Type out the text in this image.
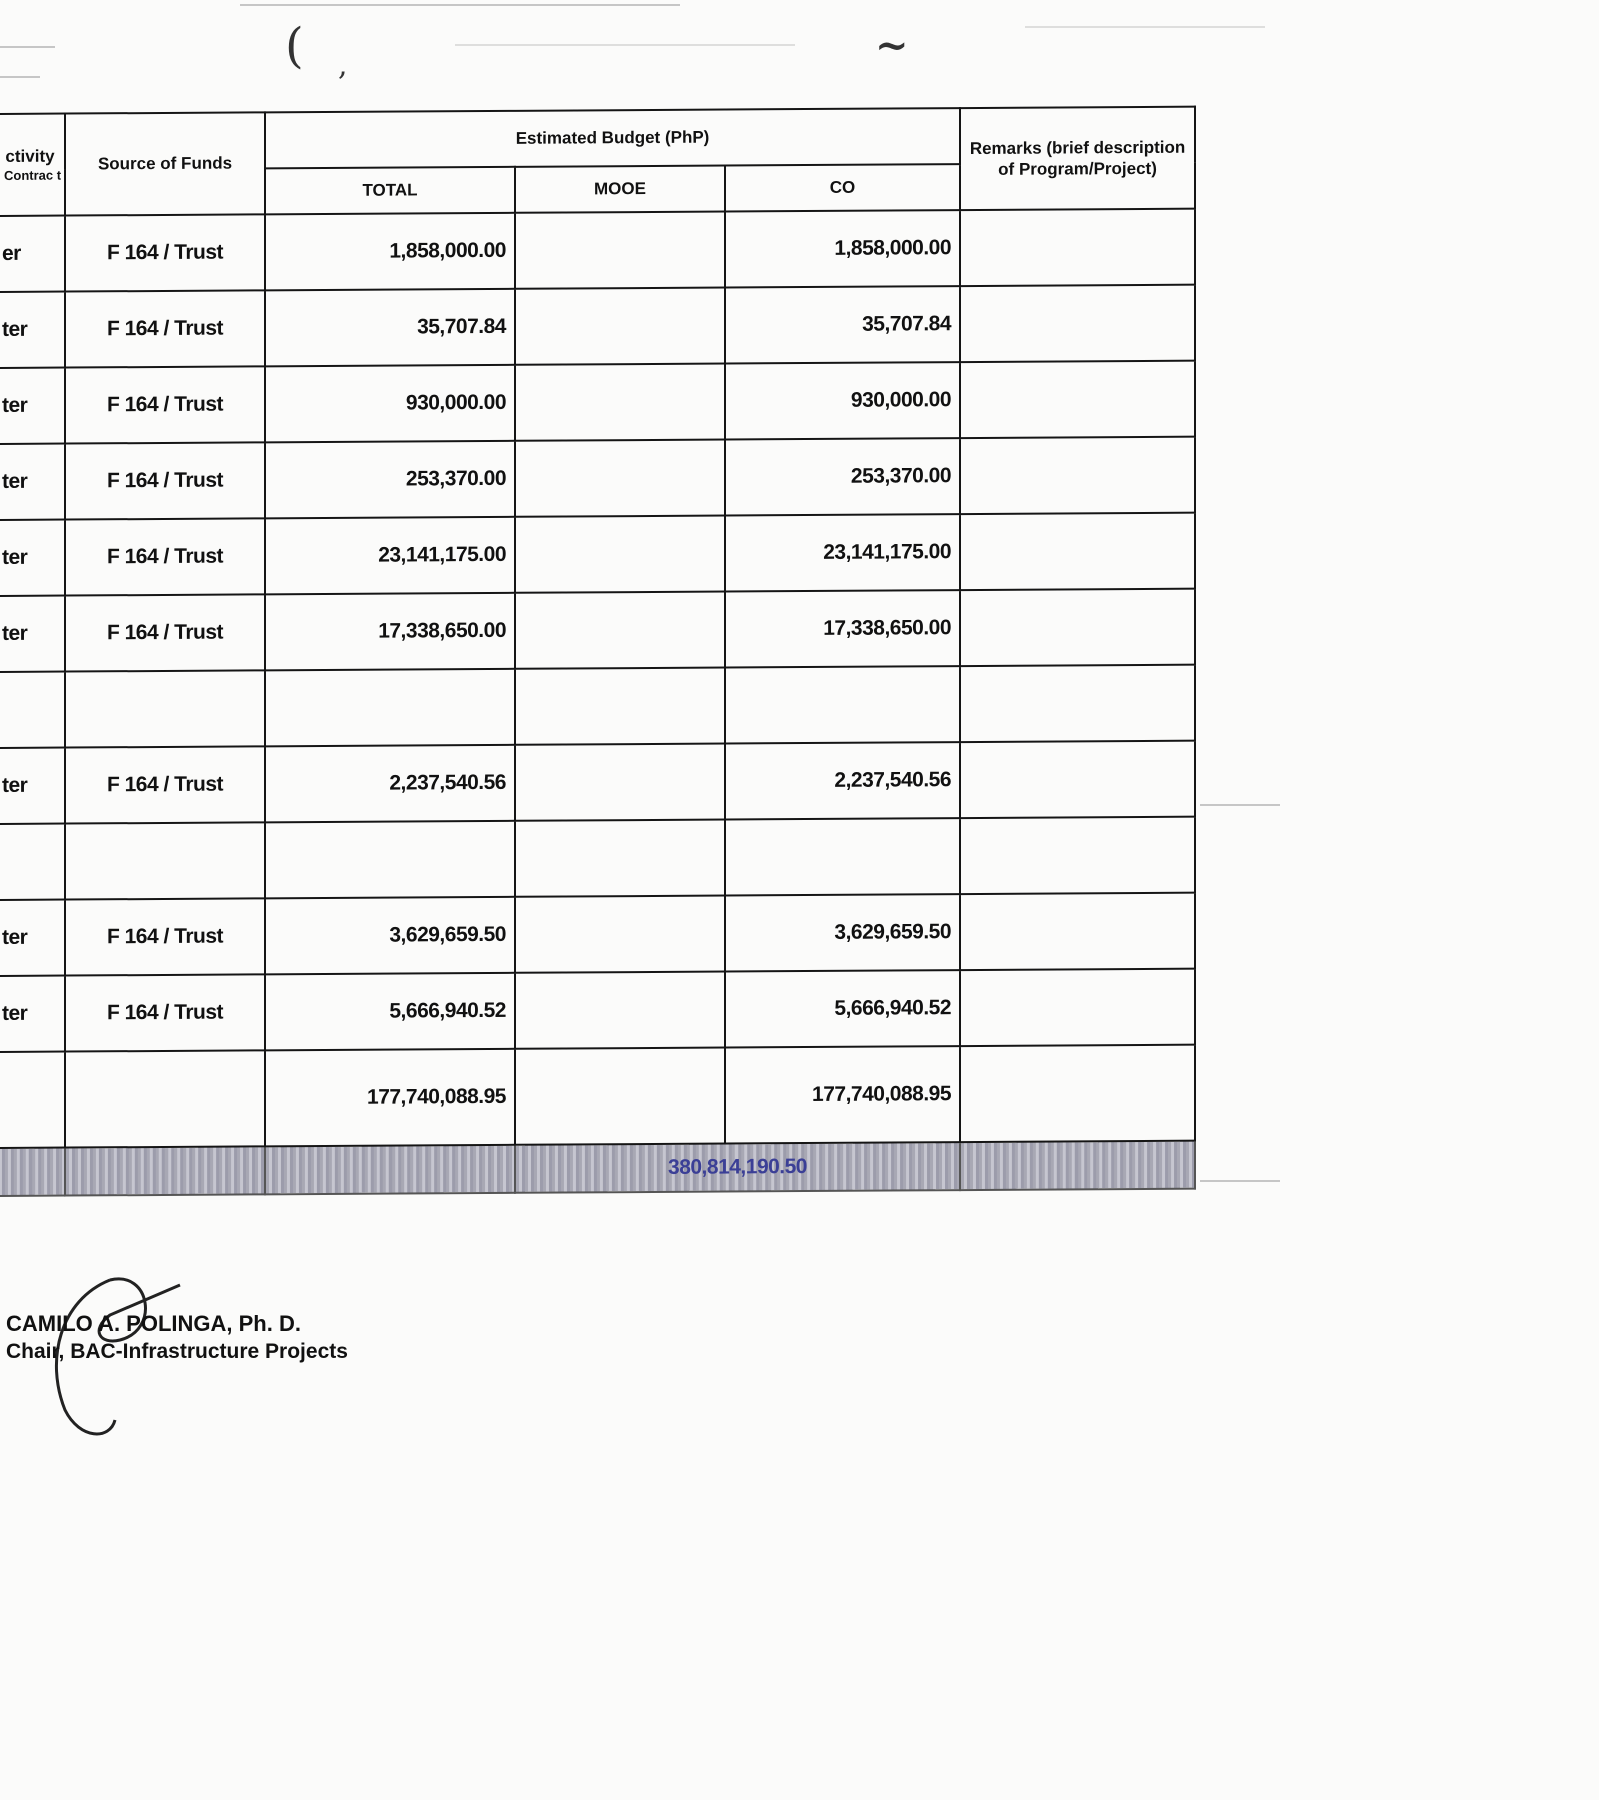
( ,	~
ctivity
Contrac t	Source of Funds	Estimated Budget (PhP)			Remarks (brief description of Program/Project)
		TOTAL	MOOE	CO	
er	F 164 / Trust	1,858,000.00		1,858,000.00	
ter	F 164 / Trust	35,707.84		35,707.84	
ter	F 164 / Trust	930,000.00		930,000.00	
ter	F 164 / Trust	253,370.00		253,370.00	
ter	F 164 / Trust	23,141,175.00		23,141,175.00	
ter	F 164 / Trust	17,338,650.00		17,338,650.00	

ter	F 164 / Trust	2,237,540.56		2,237,540.56	

ter	F 164 / Trust	3,629,659.50		3,629,659.50	
ter	F 164 / Trust	5,666,940.52		5,666,940.52	
		177,740,088.95		177,740,088.95	
			380,814,190.50		
CAMILO A. POLINGA, Ph. D.
Chair, BAC-Infrastructure Projects
